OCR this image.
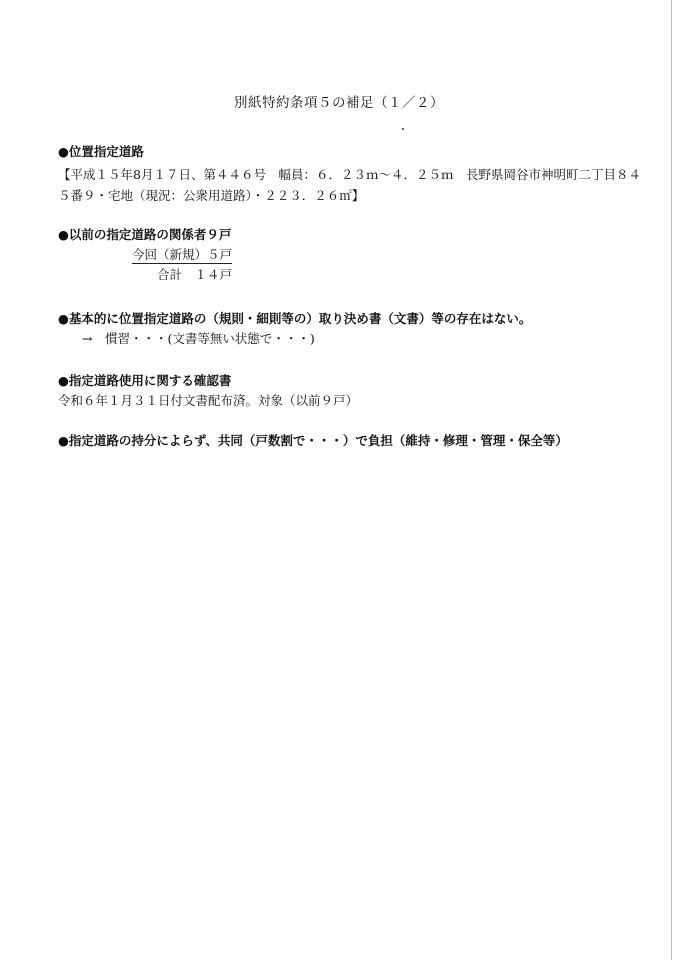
別紙特約条項５の補足（１／２）
●位置指定道路
【平成１５年8月１７日、第４４６号　幅員：６．２３ｍ～４．２５ｍ　長野県岡谷市神明町二丁目８４
５番９・宅地（現況：公衆用道路）・２２３．２６㎡】
●以前の指定道路の関係者９戸
今回（新規）５戸
合計　１４戸
●基本的に位置指定道路の（規則・細則等の）取り決め書（文書）等の存在はない。
→　慣習・・・(文書等無い状態で・・・)
●指定道路使用に関する確認書
令和６年１月３１日付文書配布済。対象（以前９戸）
●指定道路の持分によらず、共同（戸数割で・・・）で負担（維持・修理・管理・保全等）
